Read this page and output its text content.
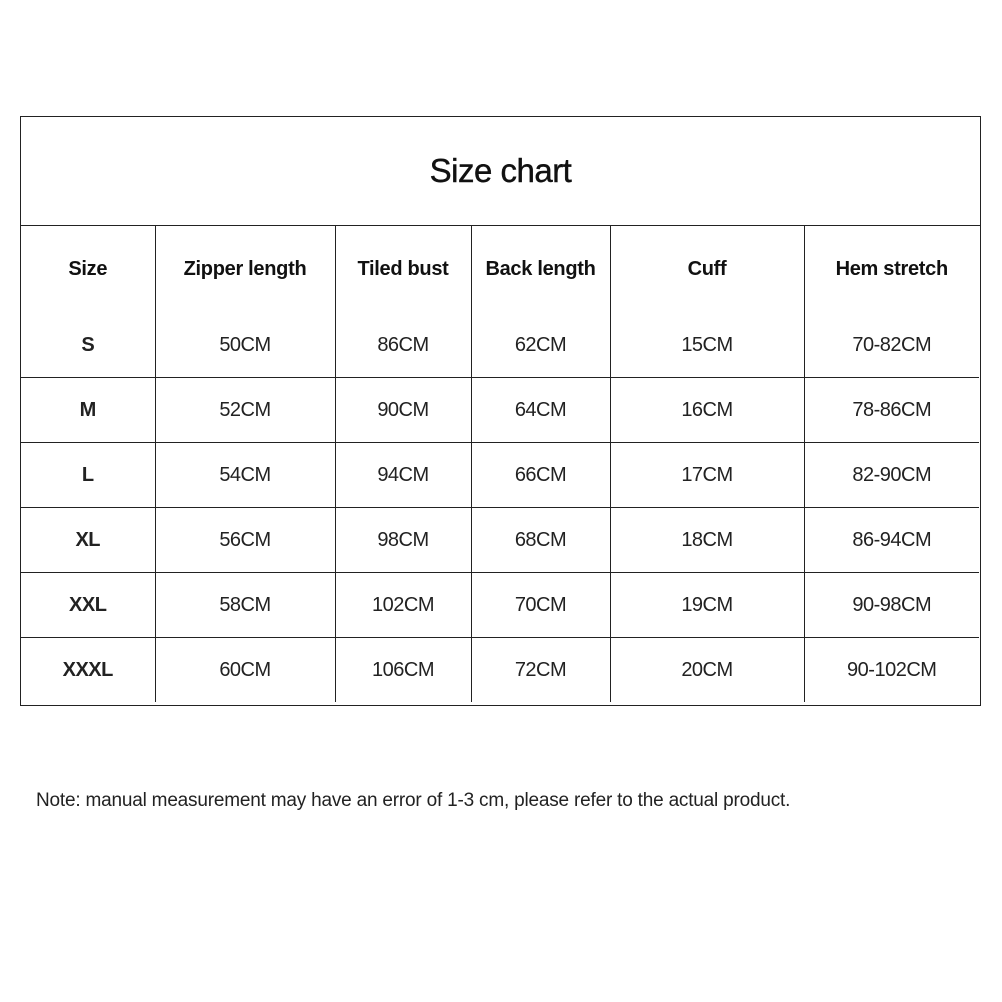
Size chart
Size	Zipper length	Tiled bust	Back length	Cuff	Hem stretch
S	50CM	86CM	62CM	15CM	70-82CM
M	52CM	90CM	64CM	16CM	78-86CM
L	54CM	94CM	66CM	17CM	82-90CM
XL	56CM	98CM	68CM	18CM	86-94CM
XXL	58CM	102CM	70CM	19CM	90-98CM
XXXL	60CM	106CM	72CM	20CM	90-102CM
Note: manual measurement may have an error of 1-3 cm, please refer to the actual product.
